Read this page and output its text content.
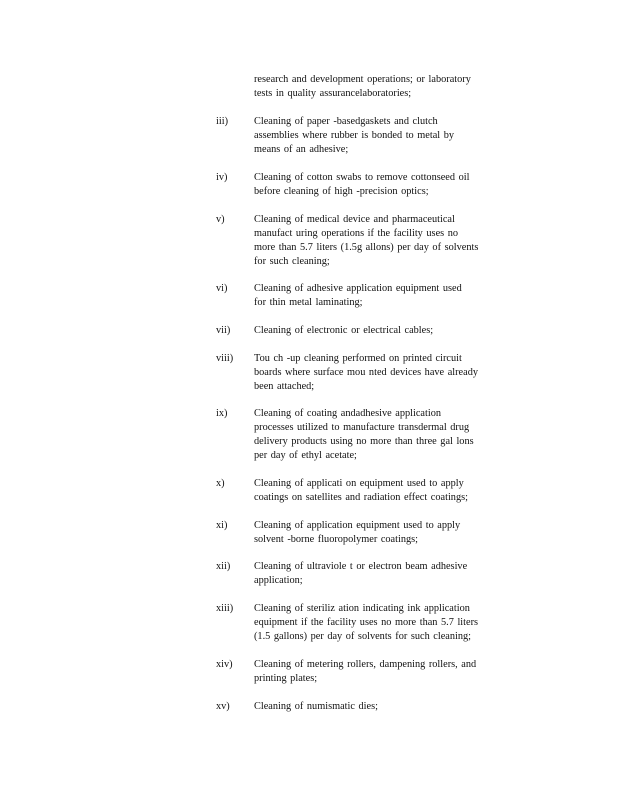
research and development operations; or laboratory
tests in quality assurancelaboratories;
iii)	Cleaning of paper -basedgaskets and clutch
assemblies where rubber is bonded to metal by
means of an adhesive;
iv)	Cleaning of cotton swabs to remove cottonseed oil
before cleaning of high -precision optics;
v)	Cleaning of medical device and pharmaceutical
manufact uring operations if the facility uses no
more than 5.7 liters (1.5g allons) per day of solvents
for such cleaning;
vi)	Cleaning of adhesive application equipment used
for thin metal laminating;
vii)	Cleaning of electronic or electrical cables;
viii)	Tou ch -up cleaning performed on printed circuit
boards where surface mou nted devices have already
been attached;
ix)	Cleaning of coating andadhesive application
processes utilized to manufacture transdermal drug
delivery products using no more than three gal lons
per day of ethyl acetate;
x)	Cleaning of applicati on equipment used to apply
coatings on satellites and radiation effect coatings;
xi)	Cleaning of application equipment used to apply
solvent -borne fluoropolymer coatings;
xii)	Cleaning of ultraviole t or electron beam adhesive
application;
xiii)	Cleaning of steriliz ation indicating ink application
equipment if the facility uses no more than 5.7 liters
(1.5 gallons) per day of solvents for such cleaning;
xiv)	Cleaning of metering rollers, dampening rollers, and
printing plates;
xv)	Cleaning of numismatic dies;
